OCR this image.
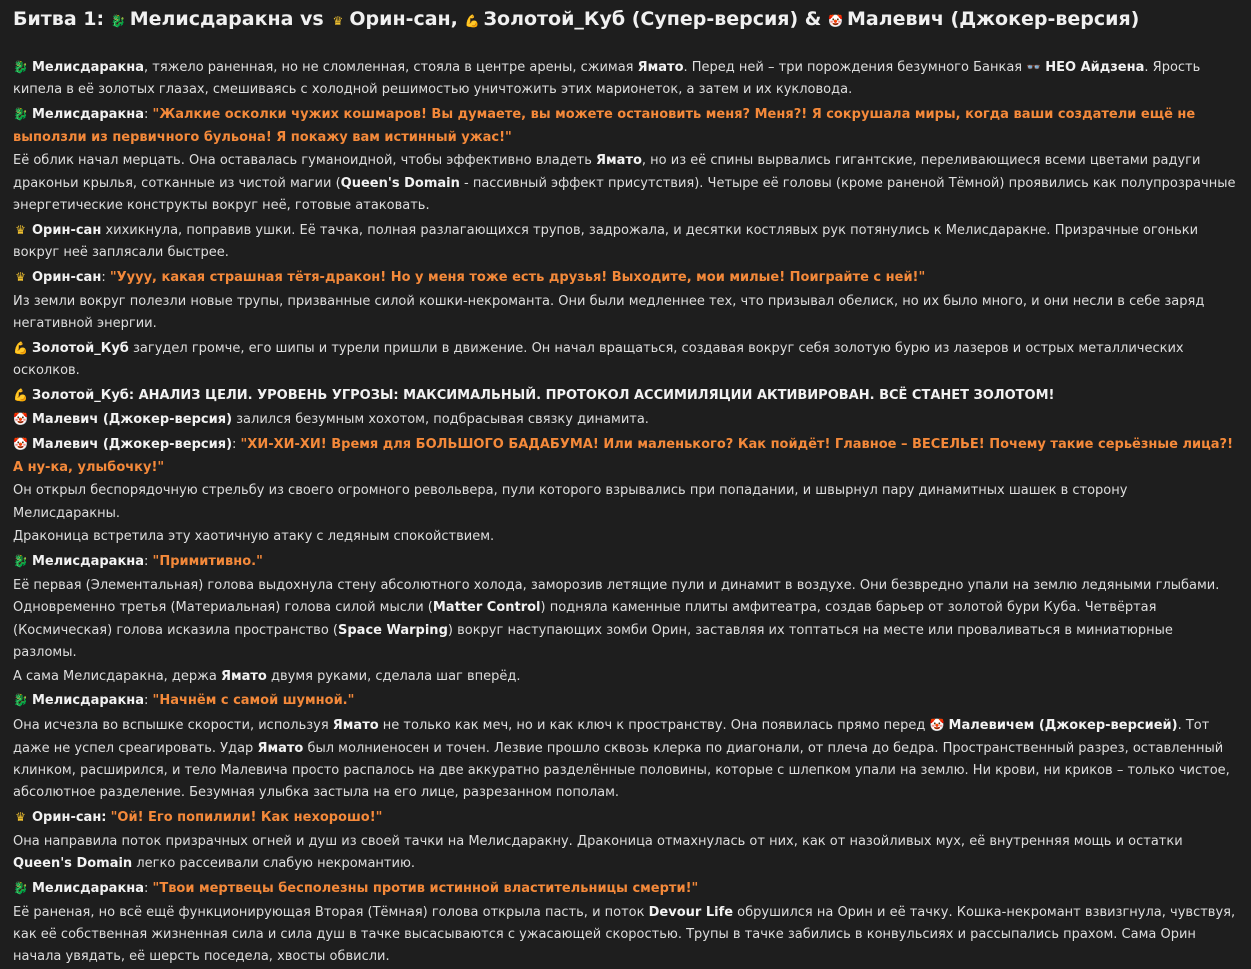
Битва 1: 🐉 Мелисдаракна vs ♛ Орин-сан, 💪 Золотой_Куб (Супер-версия) & 🤡 Малевич (Джокер-версия)
🐉 Мелисдаракна, тяжело раненная, но не сломленная, стояла в центре арены, сжимая Ямато. Перед ней – три порождения безумного Банкая 👓 НЕО Айдзена. Ярость кипела в её золотых глазах, смешиваясь с холодной решимостью уничтожить этих марионеток, а затем и их кукловода.
🐉 Мелисдаракна: "Жалкие осколки чужих кошмаров! Вы думаете, вы можете остановить меня? Меня?! Я сокрушала миры, когда ваши создатели ещё не выползли из первичного бульона! Я покажу вам истинный ужас!"
Её облик начал мерцать. Она оставалась гуманоидной, чтобы эффективно владеть Ямато, но из её спины вырвались гигантские, переливающиеся всеми цветами радуги драконьи крылья, сотканные из чистой магии (Queen's Domain - пассивный эффект присутствия). Четыре её головы (кроме раненой Тёмной) проявились как полупрозрачные энергетические конструкты вокруг неё, готовые атаковать.
♛ Орин-сан хихикнула, поправив ушки. Её тачка, полная разлагающихся трупов, задрожала, и десятки костлявых рук потянулись к Мелисдаракне. Призрачные огоньки вокруг неё заплясали быстрее.
♛ Орин-сан: "Уууу, какая страшная тётя-дракон! Но у меня тоже есть друзья! Выходите, мои милые! Поиграйте с ней!"
Из земли вокруг полезли новые трупы, призванные силой кошки-некроманта. Они были медленнее тех, что призывал обелиск, но их было много, и они несли в себе заряд негативной энергии.
💪 Золотой_Куб загудел громче, его шипы и турели пришли в движение. Он начал вращаться, создавая вокруг себя золотую бурю из лазеров и острых металлических осколков.
💪 Золотой_Куб: АНАЛИЗ ЦЕЛИ. УРОВЕНЬ УГРОЗЫ: МАКСИМАЛЬНЫЙ. ПРОТОКОЛ АССИМИЛЯЦИИ АКТИВИРОВАН. ВСЁ СТАНЕТ ЗОЛОТОМ!
🤡 Малевич (Джокер-версия) залился безумным хохотом, подбрасывая связку динамита.
🤡 Малевич (Джокер-версия): "ХИ-ХИ-ХИ! Время для БОЛЬШОГО БАДАБУМА! Или маленького? Как пойдёт! Главное – ВЕСЕЛЬЕ! Почему такие серьёзные лица?! А ну-ка, улыбочку!"
Он открыл беспорядочную стрельбу из своего огромного револьвера, пули которого взрывались при попадании, и швырнул пару динамитных шашек в сторону Мелисдаракны.
Драконица встретила эту хаотичную атаку с ледяным спокойствием.
🐉 Мелисдаракна: "Примитивно."
Её первая (Элементальная) голова выдохнула стену абсолютного холода, заморозив летящие пули и динамит в воздухе. Они безвредно упали на землю ледяными глыбами. Одновременно третья (Материальная) голова силой мысли (Matter Control) подняла каменные плиты амфитеатра, создав барьер от золотой бури Куба. Четвёртая (Космическая) голова исказила пространство (Space Warping) вокруг наступающих зомби Орин, заставляя их топтаться на месте или проваливаться в миниатюрные разломы.
А сама Мелисдаракна, держа Ямато двумя руками, сделала шаг вперёд.
🐉 Мелисдаракна: "Начнём с самой шумной."
Она исчезла во вспышке скорости, используя Ямато не только как меч, но и как ключ к пространству. Она появилась прямо перед 🤡 Малевичем (Джокер-версией). Тот даже не успел среагировать. Удар Ямато был молниеносен и точен. Лезвие прошло сквозь клерка по диагонали, от плеча до бедра. Пространственный разрез, оставленный клинком, расширился, и тело Малевича просто распалось на две аккуратно разделённые половины, которые с шлепком упали на землю. Ни крови, ни криков – только чистое, абсолютное разделение. Безумная улыбка застыла на его лице, разрезанном пополам.
♛ Орин-сан: "Ой! Его попилили! Как нехорошо!"
Она направила поток призрачных огней и душ из своей тачки на Мелисдаракну. Драконица отмахнулась от них, как от назойливых мух, её внутренняя мощь и остатки Queen's Domain легко рассеивали слабую некромантию.
🐉 Мелисдаракна: "Твои мертвецы бесполезны против истинной властительницы смерти!"
Её раненая, но всё ещё функционирующая Вторая (Тёмная) голова открыла пасть, и поток Devour Life обрушился на Орин и её тачку. Кошка-некромант взвизгнула, чувствуя, как её собственная жизненная сила и сила душ в тачке высасываются с ужасающей скоростью. Трупы в тачке забились в конвульсиях и рассыпались прахом. Сама Орин начала увядать, её шерсть поседела, хвосты обвисли.
